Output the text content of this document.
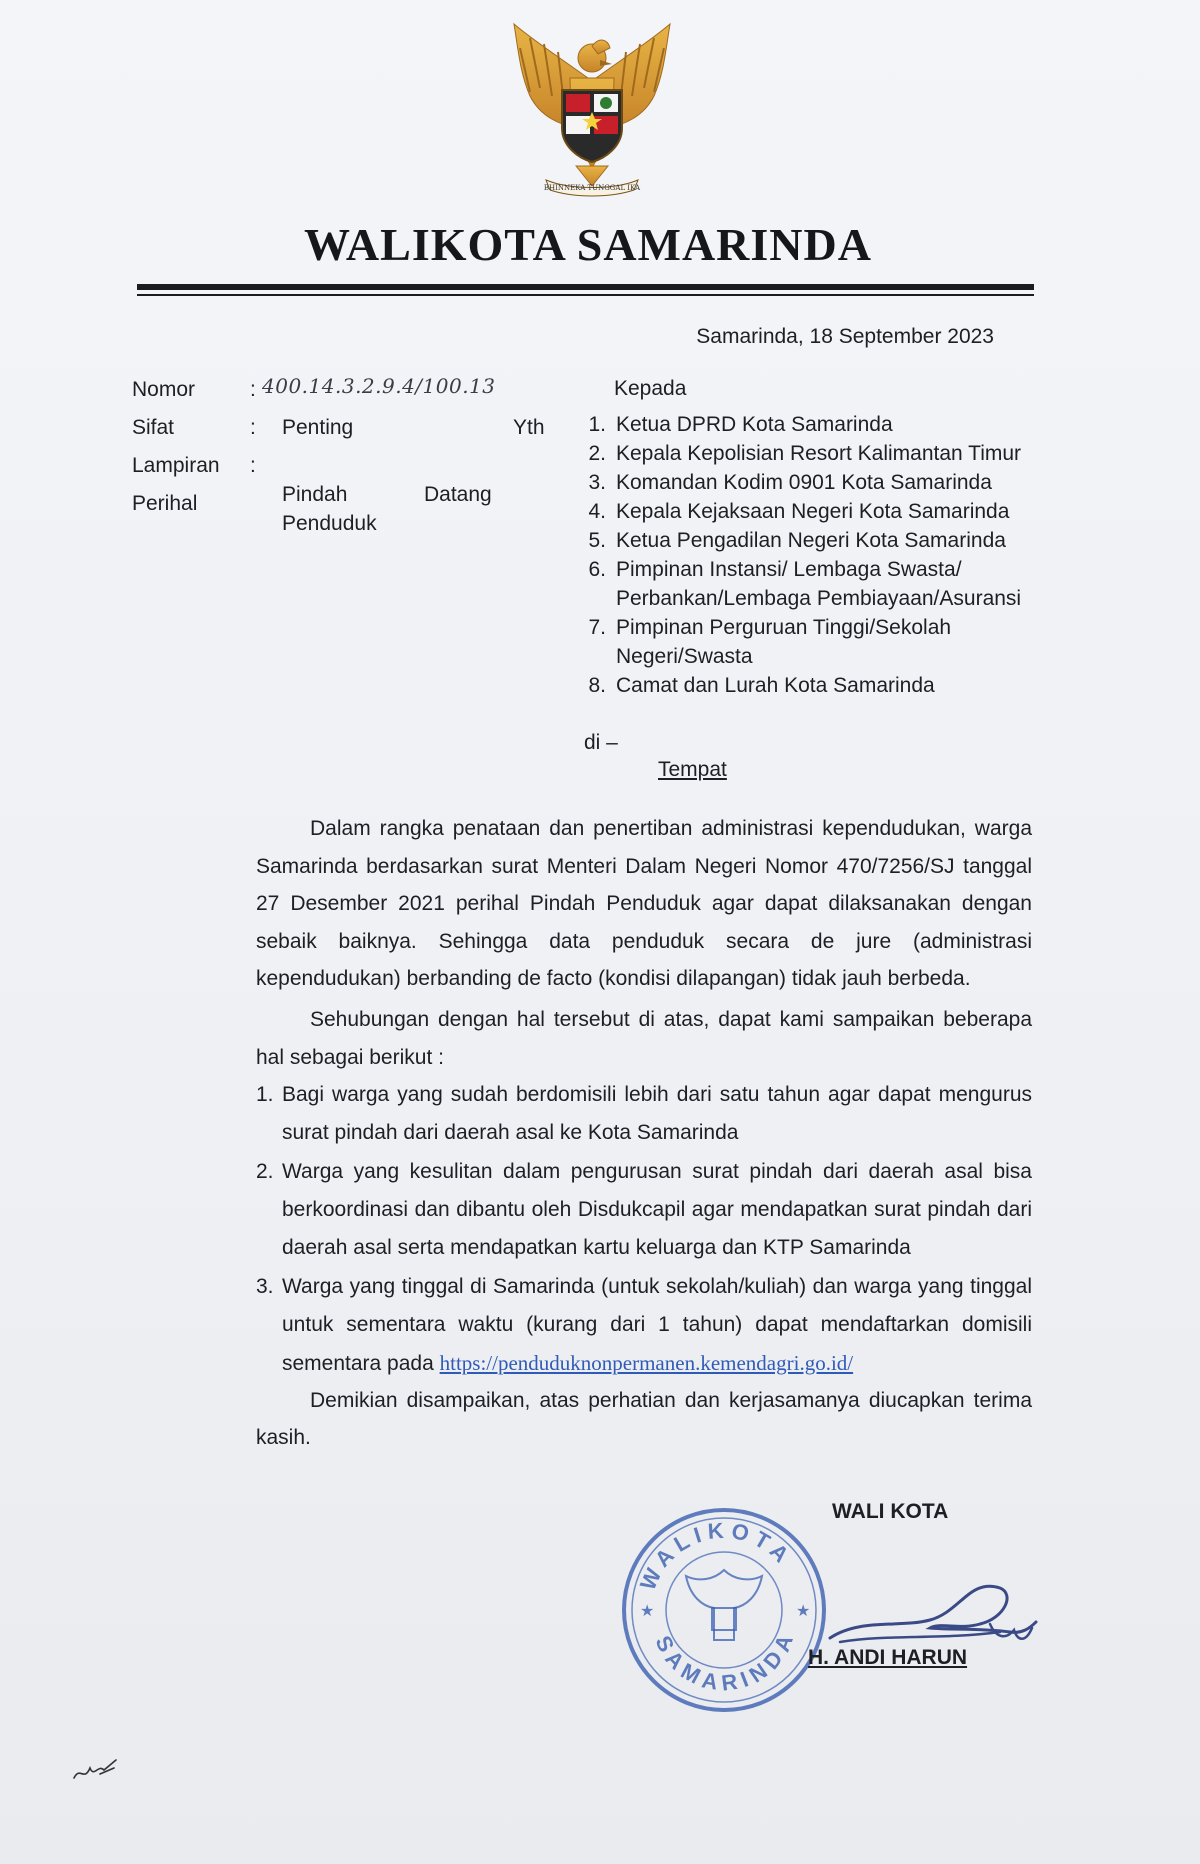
BHINNEKA TUNGGAL IKA
WALIKOTA SAMARINDA
Samarinda, 18 September 2023
Nomor	: 400.14.3.2.9.4/100.13
Sifat	: Penting
Lampiran :
Perihal	Pindah	Datang
Penduduk
Kepada
Yth 1. Ketua DPRD Kota Samarinda
2. Kepala Kepolisian Resort Kalimantan Timur
3. Komandan Kodim 0901 Kota Samarinda
4. Kepala Kejaksaan Negeri Kota Samarinda
5. Ketua Pengadilan Negeri Kota Samarinda
6. Pimpinan Instansi/ Lembaga Swasta/
Perbankan/Lembaga Pembiayaan/Asuransi
7. Pimpinan Perguruan Tinggi/Sekolah
Negeri/Swasta
8. Camat dan Lurah Kota Samarinda
di –
Tempat
Dalam rangka penataan dan penertiban administrasi kependudukan, warga Samarinda berdasarkan surat Menteri Dalam Negeri Nomor 470/7256/SJ tanggal 27 Desember 2021 perihal Pindah Penduduk agar dapat dilaksanakan dengan sebaik baiknya. Sehingga data penduduk secara de jure (administrasi kependudukan) berbanding de facto (kondisi dilapangan) tidak jauh berbeda.
Sehubungan dengan hal tersebut di atas, dapat kami sampaikan beberapa hal sebagai berikut :
1. Bagi warga yang sudah berdomisili lebih dari satu tahun agar dapat mengurus surat pindah dari daerah asal ke Kota Samarinda
2. Warga yang kesulitan dalam pengurusan surat pindah dari daerah asal bisa berkoordinasi dan dibantu oleh Disdukcapil agar mendapatkan surat pindah dari daerah asal serta mendapatkan kartu keluarga dan KTP Samarinda
3. Warga yang tinggal di Samarinda (untuk sekolah/kuliah) dan warga yang tinggal untuk sementara waktu (kurang dari 1 tahun) dapat mendaftarkan domisili sementara pada https://penduduknonpermanen.kemendagri.go.id/
Demikian disampaikan, atas perhatian dan kerjasamanya diucapkan terima kasih.
WALI KOTA
WALIKOTA
SAMARINDA
★	★
H. ANDI HARUN
